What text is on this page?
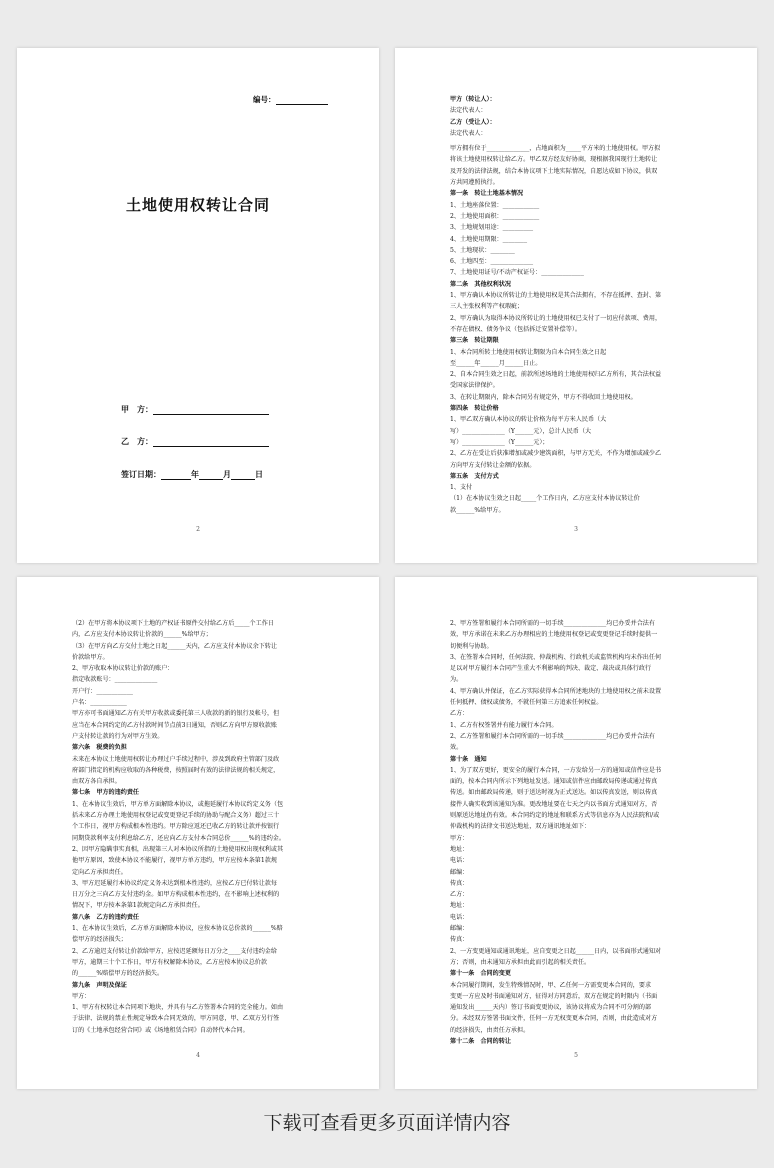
编号：
土地使用权转让合同
甲　方：
乙　方：
签订日期：	年	月	日
2

甲方（转让人）：

法定代表人：

乙方（受让人）：

法定代表人：

甲方拥有位于______________，占地面积为_____平方米的土地使用权。甲方拟

将该土地使用权转让给乙方。甲乙双方经友好协商，现根据我国现行土地转让

及开发的法律法规，结合本协议项下土地实际情况，自愿达成如下协议，供双

方共同遵照执行。

第一条　转让土地基本情况

1、土地座落位置：____________

2、土地使用面积：____________

3、土地规划用途：__________

4、土地使用期限：________

5、土地现状：________

6、土地四至：______________

7、土地使用证号/不动产权证号：______________

第二条　其他权利状况

1、甲方确认本协议所转让的土地使用权是其合法拥有，不存在抵押、查封、第

三人主张权利等产权瑕疵；

2、甲方确认为取得本协议所转让的土地使用权已支付了一切应付款项、费用，

不存在债权、债务争议（包括拆迁安置补偿等）。

第三条　转让期限

1、本合同所转土地使用权转让期限为自本合同生效之日起

至______年______月______日止。

2、自本合同生效之日起，前款所述场地的土地使用权归乙方所有，其合法权益

受国家法律保护。

3、在转让期限内，除本合同另有规定外，甲方不得收回土地使用权。

第四条　转让价格

1、甲乙双方确认本协议的转让价格为每平方米人民币（大

写）______________（Y______元），总计人民币（大

写）______________（Y______元）；

2、乙方在受让后获准增加或减少建筑面积，与甲方无关，不作为增加或减少乙

方向甲方支付转让金额的依据。

第五条　支付方式

1、支付

（1）在本协议生效之日起_____个工作日内，乙方应支付本协议转让价

款______%给甲方。

3

（2）在甲方将本协议项下土地的产权证书原件交付给乙方后_____个工作日

内，乙方应支付本协议转让价款的______%给甲方；

（3）在甲方向乙方交付土地之日起______天内，乙方应支付本协议余下转让

价款给甲方。

2、甲方收取本协议转让价款的账户：

指定收款账号：______________

开户行：____________

户名：____________

甲方亦可书面通知乙方有关甲方收款或委托第三人收款的新的银行及帐号，但

应当在本合同约定的乙方付款时间节点前3日通知，否则乙方向甲方原收款账

户支付转让款的行为对甲方生效。

第六条　税费的负担

未来在本协议土地使用权转让办理过户手续过程中，涉及到政府主管部门及政

府部门指定的机构应收取的各种税费，按照届时有效的法律法规的相关规定，

由双方各自承担。

第七条　甲方的违约责任

1、在本协议生效后，甲方单方面解除本协议，或拖延履行本协议约定义务（包

括未来乙方办理土地使用权登记或变更登记手续的协助与配合义务）超过三十

个工作日，视甲方构成根本性违约。甲方除应返还已收乙方的转让款并按银行

同期贷款利率支付利息给乙方，还应向乙方支付本合同总价______%的违约金。

2、因甲方隐瞒事实真相，出现第三人对本协议所指的土地使用权出现权利或其

他甲方原因，致使本协议不能履行，视甲方单方违约，甲方应按本条第1款规

定向乙方承担责任。

3、甲方迟延履行本协议约定义务未达到根本性违约，应按乙方已付转让款每

日万分之三向乙方支付违约金。如甲方构成根本性违约，在不影响上述权利的

情况下，甲方按本条第1款规定向乙方承担责任。

第八条　乙方的违约责任

1、在本协议生效后，乙方单方面解除本协议，应按本协议总价款的______%赔

偿甲方的经济损失；

2、乙方逾迟支付转让价款给甲方，应按迟延额每日万分之____支付违约金给

甲方，逾期三十个工作日，甲方有权解除本协议，乙方应按本协议总价款

的______%赔偿甲方的经济损失。

第九条　声明及保证

甲方：

1、甲方有权转让本合同项下地块，并具有与乙方签署本合同的完全能力。如由

于法律、法规的禁止性规定导致本合同无效的，甲方同意，甲、乙双方另行签

订的《土地承包经营合同》或《场地租赁合同》自动替代本合同。

4

2、甲方签署和履行本合同所需的一切手续______________均已办妥并合法有

效，甲方承诺在未来乙方办理相应的土地使用权登记或变更登记手续时提供一

切便利与协助。

3、在签署本合同时，任何法院、仲裁机构、行政机关或监管机构均未作出任何

足以对甲方履行本合同产生重大不利影响的判决、裁定、裁决或具体行政行

为。

4、甲方确认并保证，在乙方实际获得本合同所述地块的土地使用权之前未设置

任何抵押、债权或债务，不就任何第三方追索任何权益。

乙方：

1、乙方有权签署并有能力履行本合同。

2、乙方签署和履行本合同所需的一切手续______________均已办妥并合法有

效。

第十条　通知

1、为了双方更好，更安全的履行本合同，一方发给另一方的通知或信件应是书

面的，按本合同内所示下列地址发送。通知或信件应由邮政局传递或通过传真

传送。如由邮政局传递，则于送达时视为正式送达。如以传真发送，则以传真

接件人确实收到该通知为准。更改地址要在七天之内以书面方式通知对方，否

则原送达地址仍有效。本合同约定的地址和联系方式等信息亦为人民法院和/或

仲裁机构的法律文书送达地址，双方通讯地址如下：

甲方：

地址：

电话：

邮编：

传真：

乙方：

地址：

电话：

邮编：

传真：

2、一方变更通知或通讯地址，应自变更之日起______日内，以书面形式通知对

方；否则，由未通知方承担由此而引起的相关责任。

第十一条　合同的变更

本合同履行期间，发生特殊情况时，甲、乙任何一方需变更本合同的，要求

变更一方应及时书面通知对方，征得对方同意后，双方在规定的时限内（书面

通知发出______天内）签订书面变更协议，该协议将成为合同不可分割的部

分。未经双方签署书面文件，任何一方无权变更本合同，否则，由此造成对方

的经济损失，由责任方承担。

第十二条　合同的转让

5
下载可查看更多页面详情内容
